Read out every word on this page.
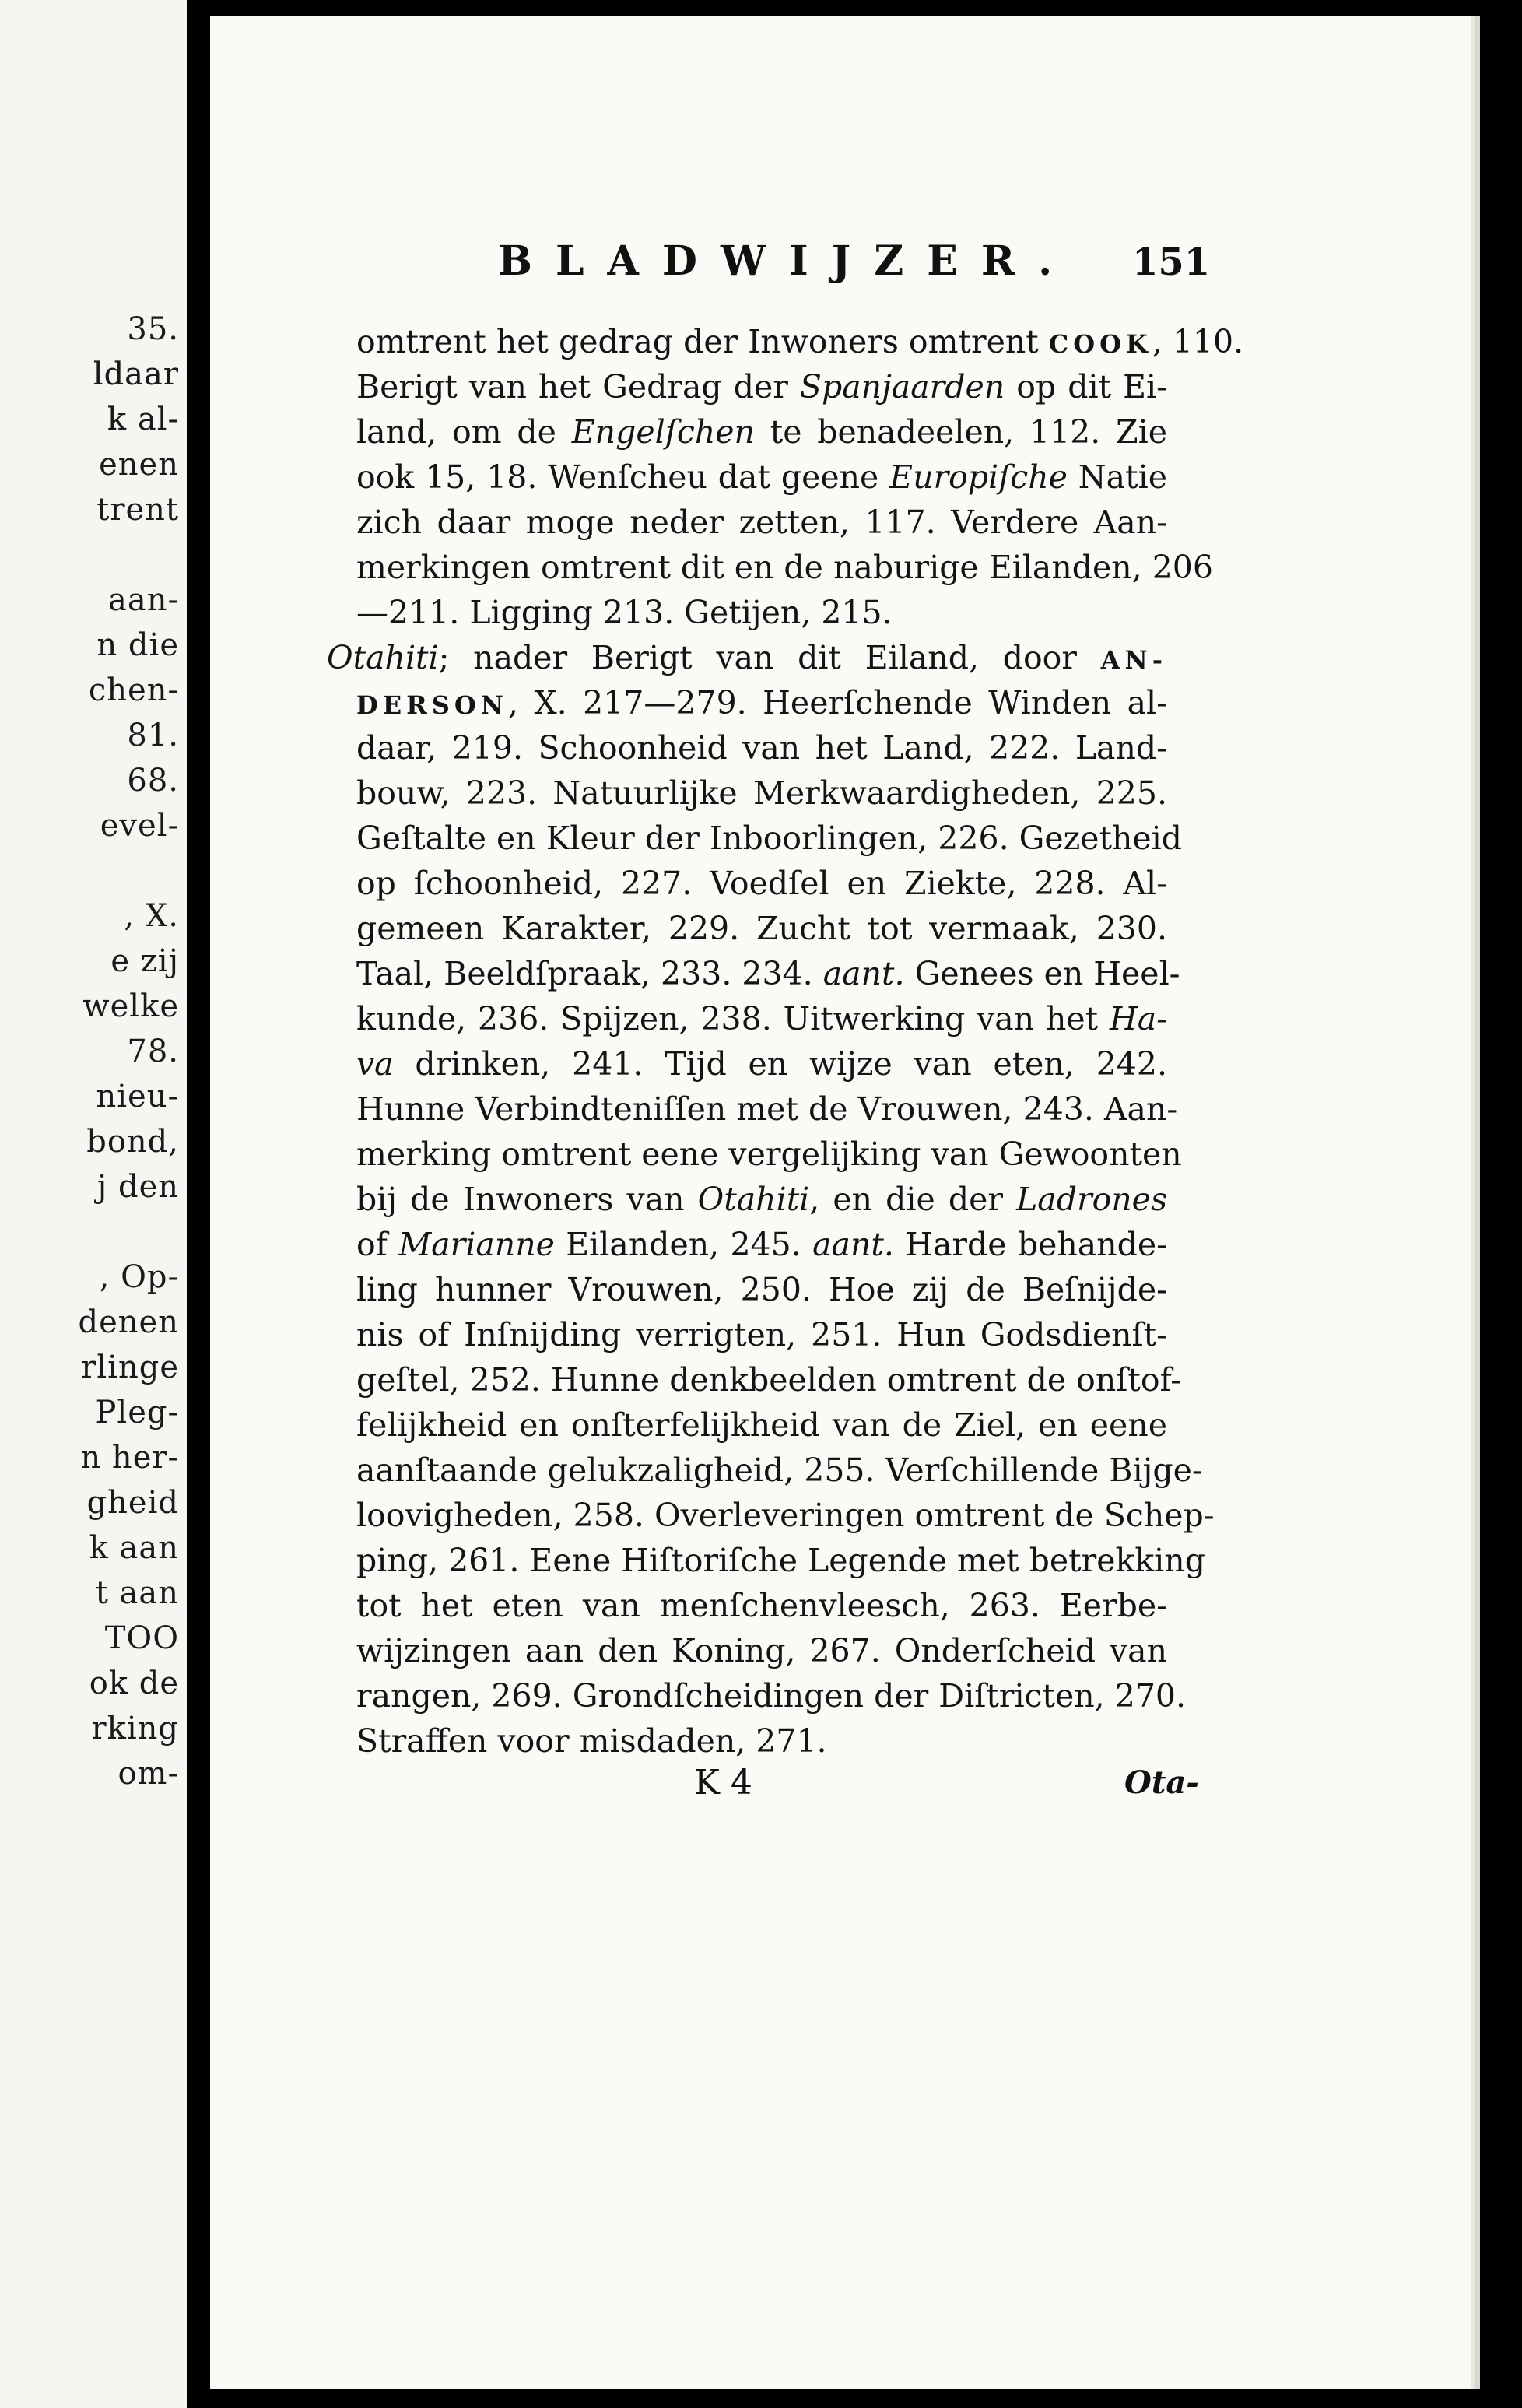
35.
ldaar
k al-
enen
trent
aan-
n die
chen-
81.
68.
evel-
, X.
e zij
welke
78.
nieu-
bond,
j den
, Op-
denen
rlinge
Pleg-
n her-
gheid
k aan
t aan
TOO
ok de
rking
om-
BLADWIJZER. 151
omtrent het gedrag der Inwoners omtrent COOK, 110.
Berigt van het Gedrag der Spanjaarden op dit Ei-
land, om de Engelſchen te benadeelen, 112. Zie
ook 15, 18. Wenſcheu dat geene Europiſche Natie
zich daar moge neder zetten, 117. Verdere Aan-
merkingen omtrent dit en de naburige Eilanden, 206
—211. Ligging 213. Getijen, 215.
Otahiti; nader Berigt van dit Eiland, door AN-
DERSON, X. 217—279. Heerſchende Winden al-
daar, 219. Schoonheid van het Land, 222. Land-
bouw, 223. Natuurlijke Merkwaardigheden, 225.
Geſtalte en Kleur der Inboorlingen, 226. Gezetheid
op ſchoonheid, 227. Voedſel en Ziekte, 228. Al-
gemeen Karakter, 229. Zucht tot vermaak, 230.
Taal, Beeldſpraak, 233. 234. aant. Genees en Heel-
kunde, 236. Spijzen, 238. Uitwerking van het Ha-
va drinken, 241. Tijd en wijze van eten, 242.
Hunne Verbindteniſſen met de Vrouwen, 243. Aan-
merking omtrent eene vergelijking van Gewoonten
bij de Inwoners van Otahiti, en die der Ladrones
of Marianne Eilanden, 245. aant. Harde behande-
ling hunner Vrouwen, 250. Hoe zij de Beſnijde-
nis of Inſnijding verrigten, 251. Hun Godsdienſt-
geſtel, 252. Hunne denkbeelden omtrent de onſtof-
felijkheid en onſterfelijkheid van de Ziel, en eene
aanſtaande gelukzaligheid, 255. Verſchillende Bijge-
loovigheden, 258. Overleveringen omtrent de Schep-
ping, 261. Eene Hiſtoriſche Legende met betrekking
tot het eten van menſchenvleesch, 263. Eerbe-
wijzingen aan den Koning, 267. Onderſcheid van
rangen, 269. Grondſcheidingen der Diſtricten, 270.
Straffen voor misdaden, 271.
K 4	Ota-
